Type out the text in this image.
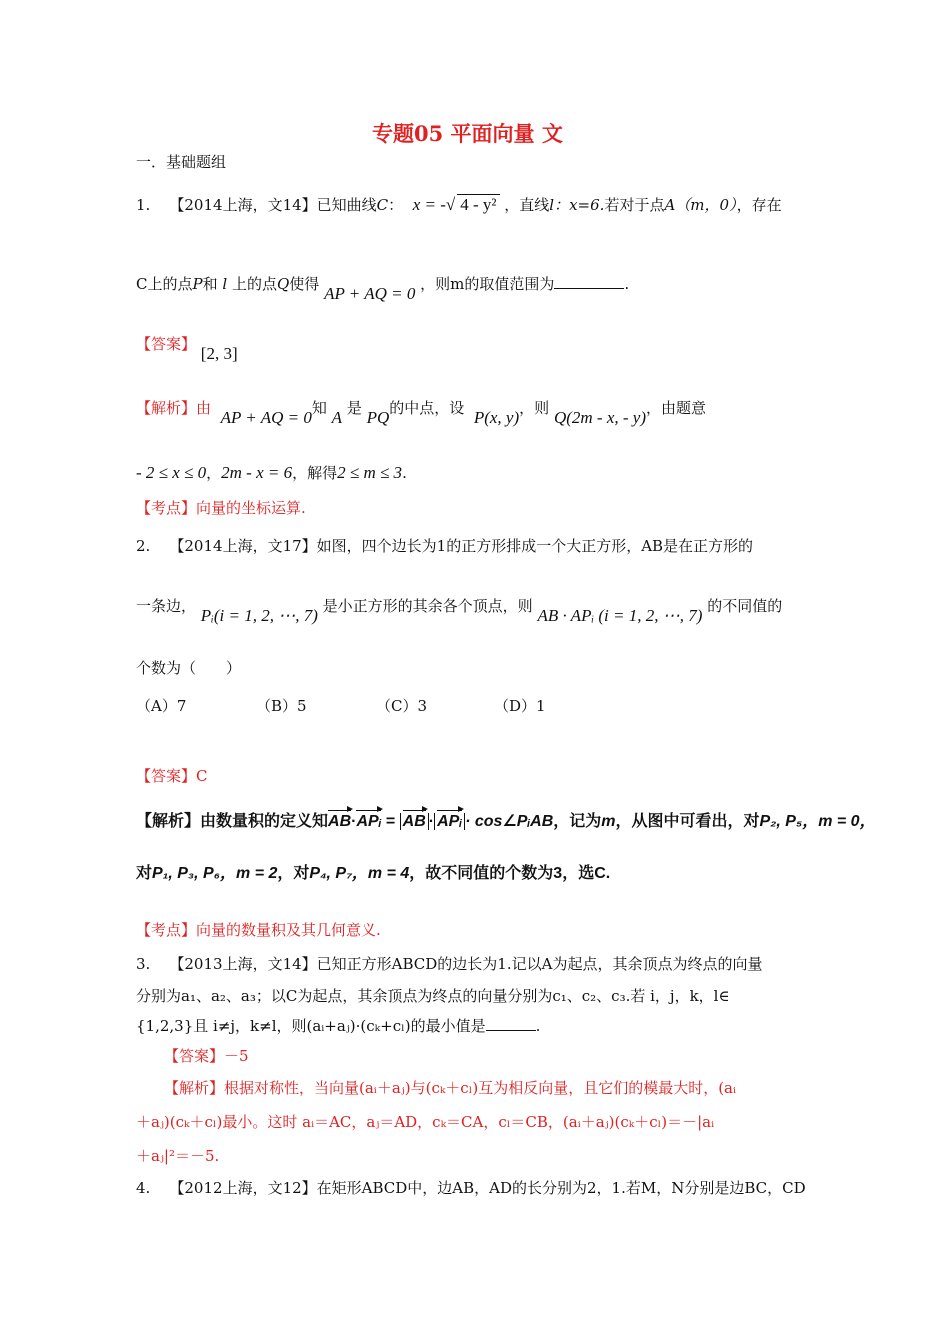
专题05 平面向量 文
一．基础题组
1. 【2014上海，文14】已知曲线C：  x = -√ 4 - y² ，直线l：x=6.若对于点A（m，0），存在
C上的点P和 l 上的点Q使得 AP + AQ = 0 ，则m的取值范围为	.
【答案】 [2, 3]
【解析】由 AP + AQ = 0知 A 是 PQ的中点，设 P(x, y)，则 Q(2m - x, - y)，由题意
- 2 ≤ x ≤ 0，2m - x = 6，解得2 ≤ m ≤ 3.
【考点】向量的坐标运算.
2. 【2014上海，文17】如图，四个边长为1的正方形排成一个大正方形，AB是在正方形的
一条边， Pᵢ(i = 1, 2, ⋯, 7) 是小正方形的其余各个顶点，则 AB · APᵢ (i = 1, 2, ⋯, 7) 的不同值的
个数为（　　）
（A）7	（B）5	（C）3	（D）1
【答案】C
【解析】由数量积的定义知AB·APᵢ = AB · APᵢ · cos∠PᵢAB，记为m，从图中可看出，对P₂, P₅，m = 0，
对P₁, P₃, P₆，m = 2，对P₄, P₇，m = 4，故不同值的个数为3，选C.
【考点】向量的数量积及其几何意义.
3. 【2013上海，文14】已知正方形ABCD的边长为1.记以A为起点，其余顶点为终点的向量
分别为a₁、a₂、a₃；以C为起点，其余顶点为终点的向量分别为c₁、c₂、c₃.若 i，j，k，l∈
{1,2,3}且 i≠j，k≠l，则(aᵢ+aⱼ)·(cₖ+cₗ)的最小值是	.
【答案】－5
【解析】根据对称性，当向量(aᵢ＋aⱼ)与(cₖ＋cₗ)互为相反向量，且它们的模最大时，(aᵢ
＋aⱼ)(cₖ＋cₗ)最小。这时 aᵢ＝AC，aⱼ＝AD，cₖ＝CA，cₗ＝CB，(aᵢ＋aⱼ)(cₖ＋cₗ)＝－|aᵢ
＋aⱼ|²＝－5.
4. 【2012上海，文12】在矩形ABCD中，边AB，AD的长分别为2，1.若M，N分别是边BC，CD
